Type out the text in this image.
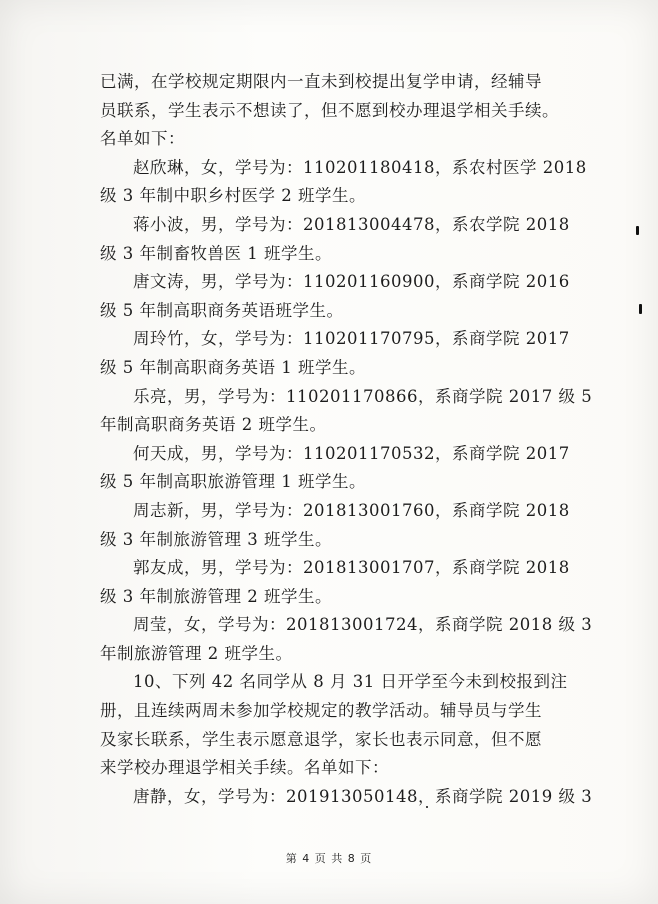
已满，在学校规定期限内一直未到校提出复学申请，经辅导
员联系，学生表示不想读了，但不愿到校办理退学相关手续。
名单如下：
赵欣琳，女，学号为：110201180418，系农村医学 2018
级 3 年制中职乡村医学 2 班学生。
蒋小波，男，学号为：201813004478，系农学院 2018
级 3 年制畜牧兽医 1 班学生。
唐文涛，男，学号为：110201160900，系商学院 2016
级 5 年制高职商务英语班学生。
周玲竹，女，学号为：110201170795，系商学院 2017
级 5 年制高职商务英语 1 班学生。
乐亮，男，学号为：110201170866，系商学院 2017 级 5
年制高职商务英语 2 班学生。
何天成，男，学号为：110201170532，系商学院 2017
级 5 年制高职旅游管理 1 班学生。
周志新，男，学号为：201813001760，系商学院 2018
级 3 年制旅游管理 3 班学生。
郭友成，男，学号为：201813001707，系商学院 2018
级 3 年制旅游管理 2 班学生。
周莹，女，学号为：201813001724，系商学院 2018 级 3
年制旅游管理 2 班学生。
10、下列 42 名同学从 8 月 31 日开学至今未到校报到注
册，且连续两周未参加学校规定的教学活动。辅导员与学生
及家长联系，学生表示愿意退学，家长也表示同意，但不愿
来学校办理退学相关手续。名单如下：
唐静，女，学号为：201913050148，系商学院 2019 级 3
第 4 页 共 8 页
